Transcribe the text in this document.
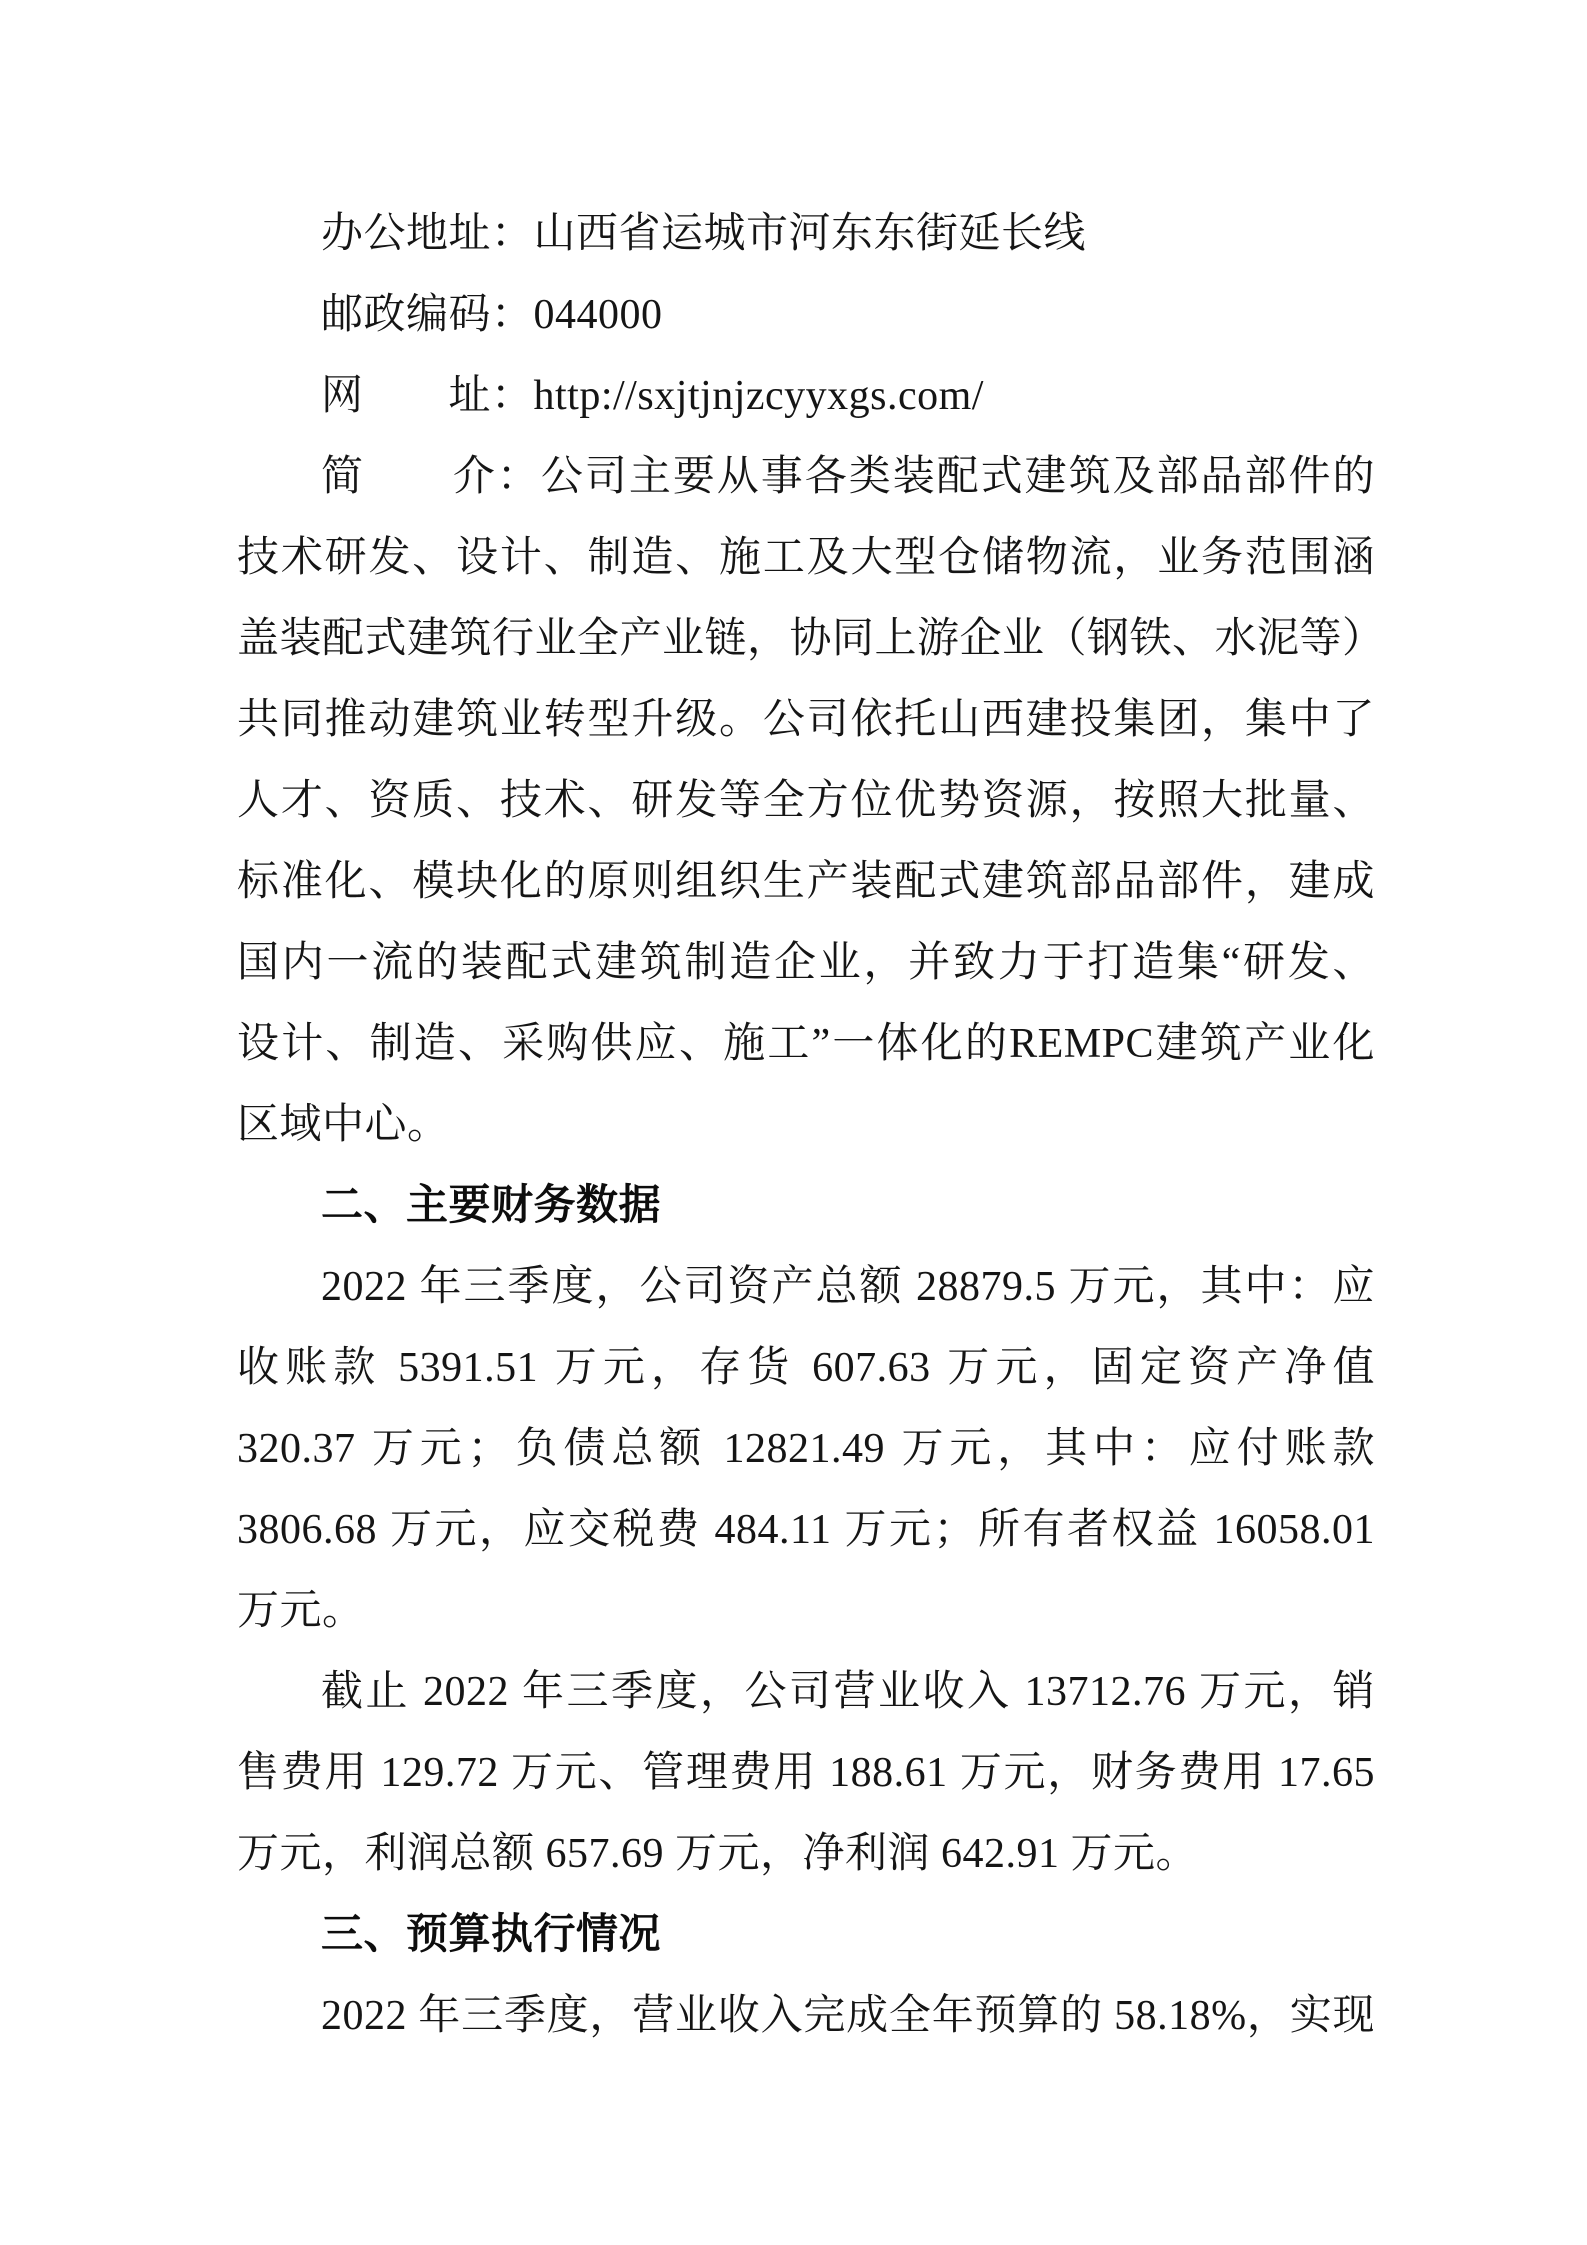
办公地址：山西省运城市河东东街延长线
邮政编码：044000
网　　址：http://sxjtjnjzcyyxgs.com/
简　　介：公司主要从事各类装配式建筑及部品部件的
技术研发、设计、制造、施工及大型仓储物流，业务范围涵
盖装配式建筑行业全产业链，协同上游企业（钢铁、水泥等）
共同推动建筑业转型升级。公司依托山西建投集团，集中了
人才、资质、技术、研发等全方位优势资源，按照大批量、
标准化、模块化的原则组织生产装配式建筑部品部件，建成
国内一流的装配式建筑制造企业，并致力于打造集“研发、
设计、制造、采购供应、施工”一体化的REMPC建筑产业化
区域中心。
二、主要财务数据
2022 年三季度，公司资产总额 28879.5 万元，其中：应
收账款 5391.51 万元，存货 607.63 万元，固定资产净值
320.37 万元；负债总额 12821.49 万元，其中：应付账款
3806.68 万元，应交税费 484.11 万元；所有者权益 16058.01
万元。
截止 2022 年三季度，公司营业收入 13712.76 万元，销
售费用 129.72 万元、管理费用 188.61 万元，财务费用 17.65
万元，利润总额 657.69 万元，净利润 642.91 万元。
三、预算执行情况
2022 年三季度，营业收入完成全年预算的 58.18%，实现
